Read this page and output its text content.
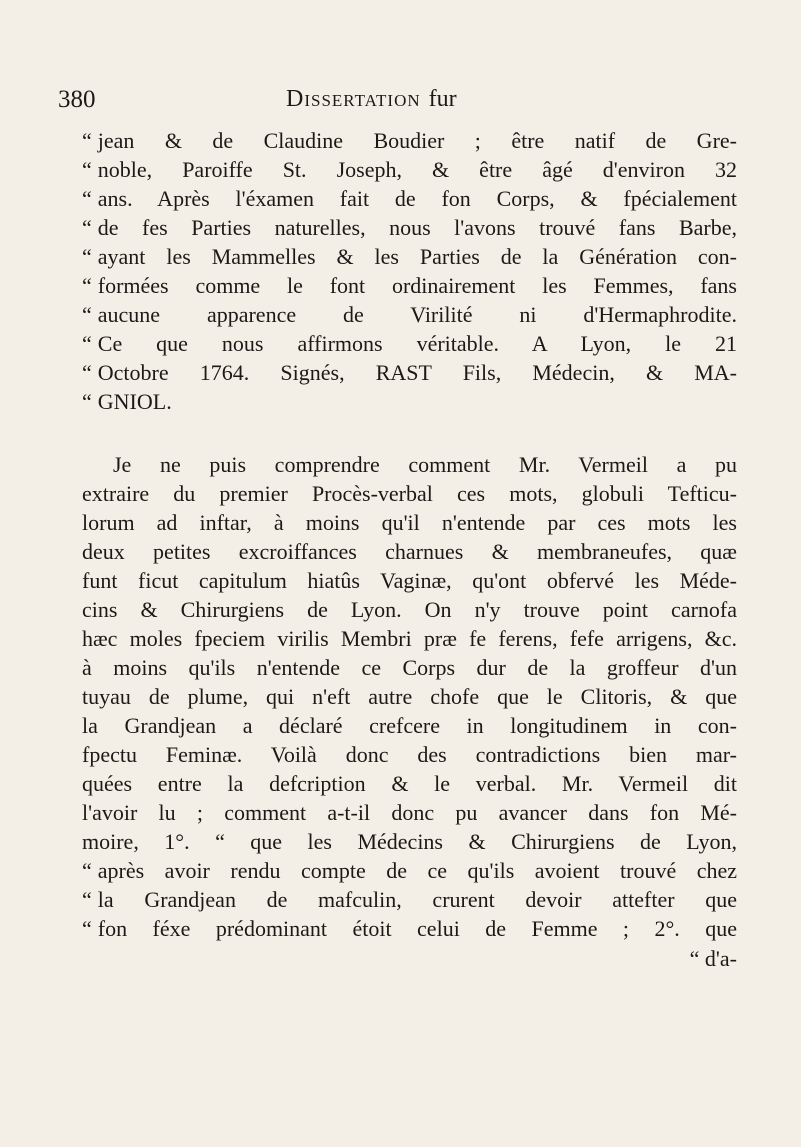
380	Dissertation fur
“ jean & de Claudine Boudier ; être natif de Gre-
“ noble, Paroiffe St. Joseph, & être âgé d'environ 32
“ ans. Après l'éxamen fait de fon Corps, & fpécialement
“ de fes Parties naturelles, nous l'avons trouvé fans Barbe,
“ ayant les Mammelles & les Parties de la Génération con-
“ formées comme le font ordinairement les Femmes, fans
“ aucune apparence de Virilité ni d'Hermaphrodite.
“ Ce que nous affirmons véritable. A Lyon, le 21
“ Octobre 1764. Signés, RAST Fils, Médecin, & MA-
“ GNIOL.
Je ne puis comprendre comment Mr. Vermeil a pu
extraire du premier Procès-verbal ces mots, globuli Tefticu-
lorum ad inftar, à moins qu'il n'entende par ces mots les
deux petites excroiffances charnues & membraneufes, quæ
funt ficut capitulum hiatûs Vaginæ, qu'ont obfervé les Méde-
cins & Chirurgiens de Lyon. On n'y trouve point carnofa
hæc moles fpeciem virilis Membri præ fe ferens, fefe arrigens, &c.
à moins qu'ils n'entende ce Corps dur de la groffeur d'un
tuyau de plume, qui n'eft autre chofe que le Clitoris, & que
la Grandjean a déclaré crefcere in longitudinem in con-
fpectu Feminæ. Voilà donc des contradictions bien mar-
quées entre la defcription & le verbal. Mr. Vermeil dit
l'avoir lu ; comment a-t-il donc pu avancer dans fon Mé-
moire, 1°. “ que les Médecins & Chirurgiens de Lyon,
“ après avoir rendu compte de ce qu'ils avoient trouvé chez
“ la Grandjean de mafculin, crurent devoir attefter que
“ fon féxe prédominant étoit celui de Femme ; 2°. que
“ d'a-
